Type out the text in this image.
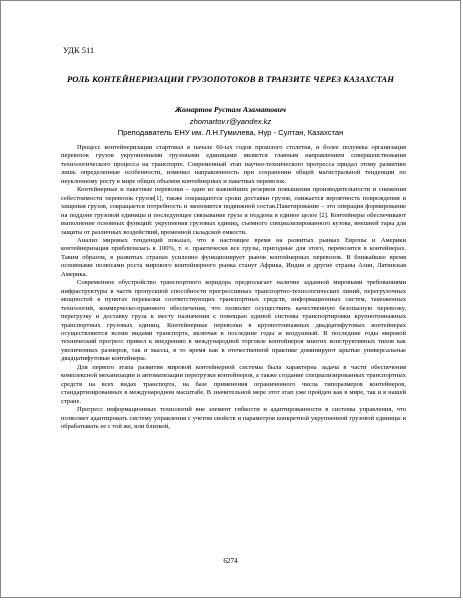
УДК 511
РОЛЬ КОНТЕЙНЕРИЗАЦИИ ГРУЗОПОТОКОВ В ТРАНЗИТЕ ЧЕРЕЗ КАЗАХСТАН
Жомартов Рустам Азаматович
zhomartov.r@yandex.kz
Преподаватель ЕНУ им. Л.Н.Гумилева, Нур - Султан, Казахстан

Процесс контейнеризации стартовал в начале 60-ых годов прошлого столетия, и более полувека организация перевозок грузов укрупненными грузовыми единицами является главным направлением совершенствования технологического процесса на транспорте. Современный этап научно-технического прогресса придал этому развитию лишь определенные особенности, изменил направленность при сохранении общей магистральной тенденции по неуклонному росту в мире общих объемов контейнерных и пакетных перевозок.

Контейнерные и пакетные перевозки – один из важнейших резервов повышения производительности и снижения себестоимости перевозок грузов[1], также сокращаются сроки доставки грузов, снижается вероятность повреждения и хищения грузов, сокращается потребность и экономится подвижной состав.Пакетирование – это операция формирование на поддоне грузовой единицы и последующее связывание груза и поддона в единое целое [2]. Контейнеры обеспечивают выполнение основных функций: укрупнения грузовых единиц, съемного специализированного кузова, внешней тары для защиты от различных воздействий, временной складской емкости.

Анализ мировых тенденций показал, что в настоящее время на развитых рынках Европы и Америки контейнеризация приблизилась к 100%, т. е. практически все грузы, пригодные для этого, перевозятся в контейнерах. Таким образом, в развитых странах усиленно функционирует рынок контейнерных перевозок. В ближайшее время основными полюсами роста мирового контейнерного рынка станут Африка, Индия и другие страны Азии, Латинская Америка.

Современное обустройство транспортного коридора предполагает наличие заданной мировыми требованиями инфраструктуры в части пропускной способности прогрессивных транспортно-технологических линий, перегрузочных мощностей в пунктах перевалки соответствующих транспортных средств, информационных систем, таможенных технологий, коммерческо-правового обеспечения, что позволит осуществить качественную безопасную перевозку, перегрузку и доставку груза к месту назначения с помощью единой системы транспортировки крупнотоннажных транспортных грузовых единиц. Контейнерные перевозки в крупнотоннажных двадцатифутовых контейнерах осуществляются всеми видами транспорта, включая в последние годы и воздушный. В последние годы мировой технический прогресс привел к внедрению в международной торговле контейнеров многих конструктивных типов как увеличенных размеров, так и массы, в то время как в отечественной практике доминируют крытые универсальные двадцатифутовые контейнеры.

Для первого этапа развития мировой контейнерной системы была характерна задача в части обеспечения комплексной механизации и автоматизации перегрузки контейнеров, а также создание специализированных транспортных средств на всех видах транспорта, на базе применения ограниченного числа типоразмеров контейнеров, стандартизированных в международном масштабе. В значительной мере этот этап уже пройден как в мире, так и в нашей стране.

Прогресс информационных технологий вне элемент гибкости и адаптированности в системы управления, что позволяет адаптировать систему управления с учетом свойств и параметров конкретной укрупненной грузовой единицы и обрабатывать ее с той же, или близкой,

6274
